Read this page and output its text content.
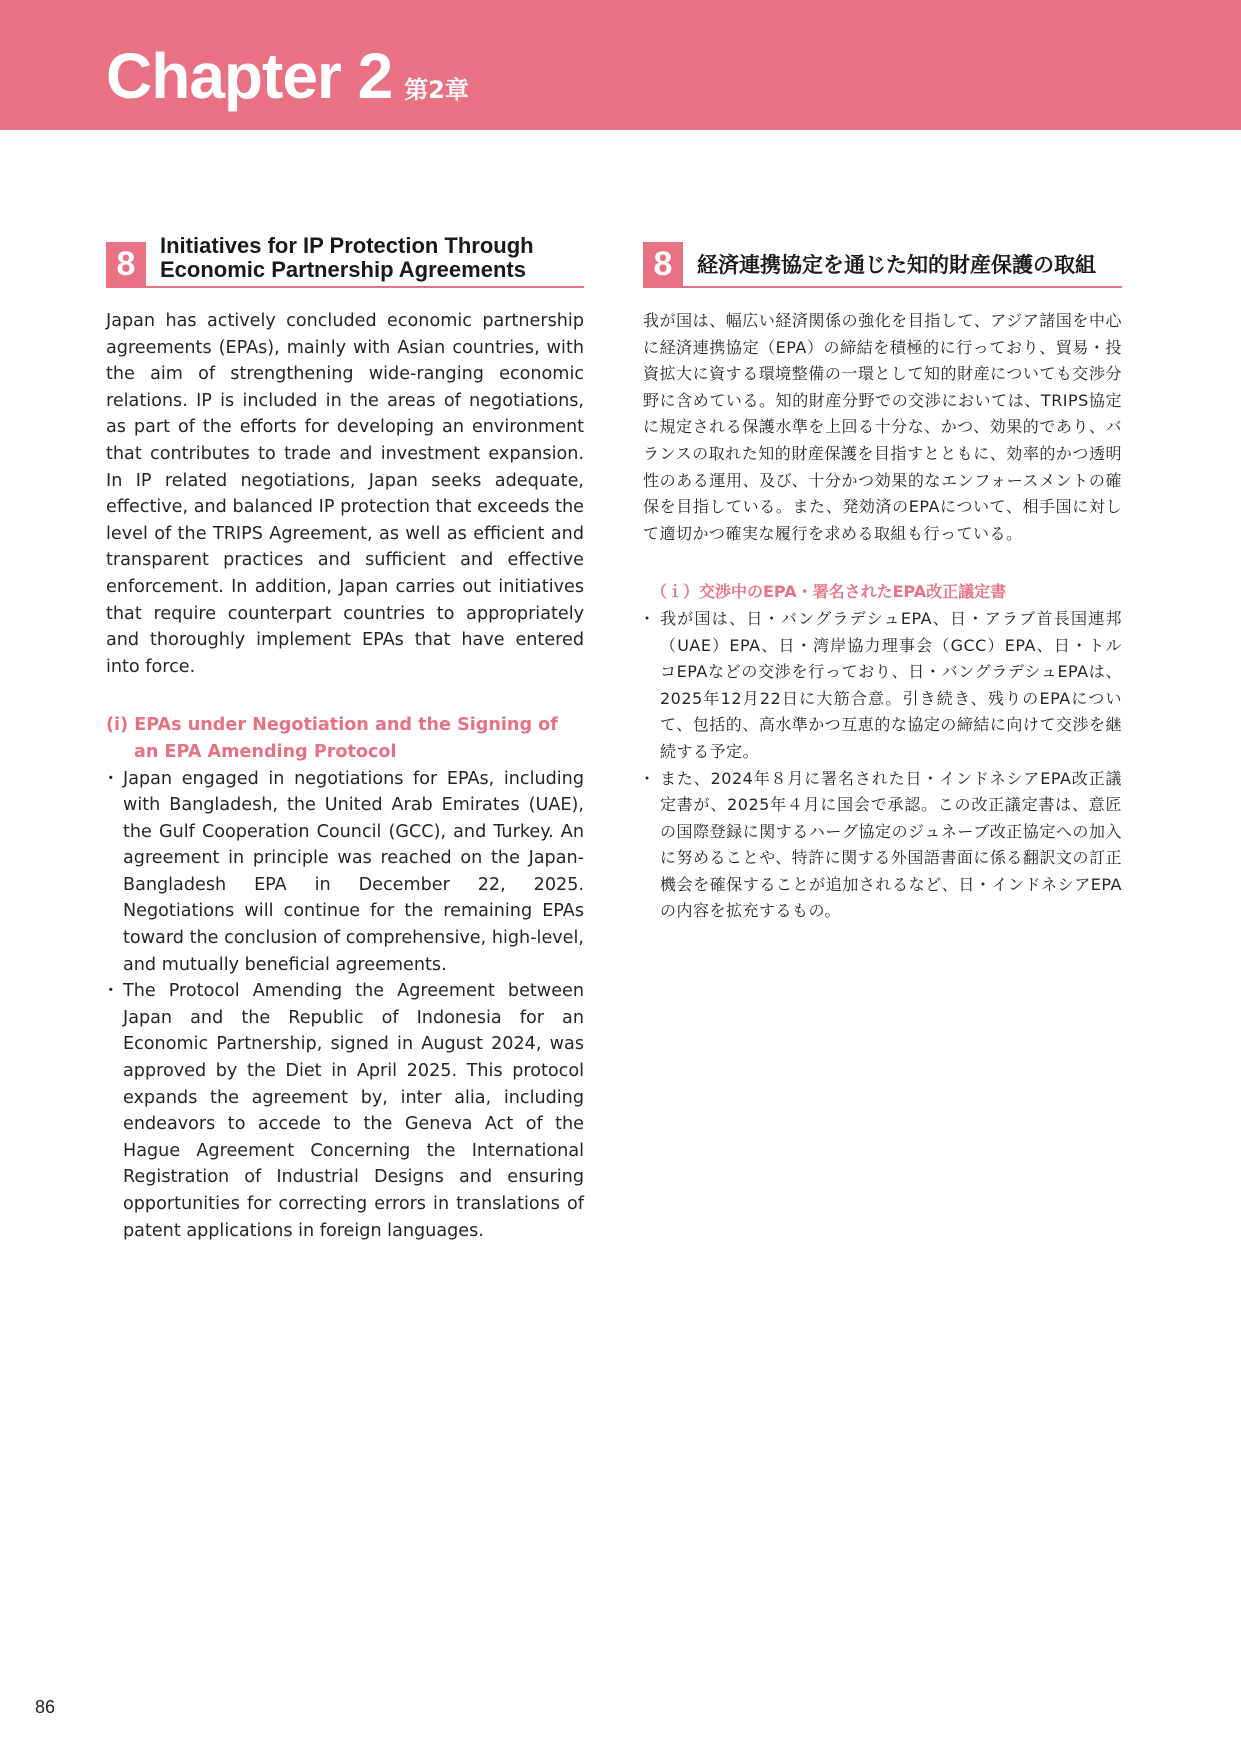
Chapter 2 第2章
8	Initiatives for IP Protection Through
Economic Partnership Agreements

Japan has actively concluded economic partnership agreements (EPAs), mainly with Asian countries, with the aim of strengthening wide-ranging economic relations. IP is included in the areas of negotiations, as part of the efforts for developing an environment that contributes to trade and investment expansion. In IP related negotiations, Japan seeks adequate, effective, and balanced IP protection that exceeds the level of the TRIPS Agreement, as well as efficient and transparent practices and sufficient and effective enforcement. In addition, Japan carries out initiatives that require counterpart countries to appropriately and thoroughly implement EPAs that have entered into force.

(i) EPAs under Negotiation and the Signing of an EPA Amending Protocol
・ Japan engaged in negotiations for EPAs, including with Bangladesh, the United Arab Emirates (UAE), the Gulf Cooperation Council (GCC), and Turkey. An agreement in principle was reached on the Japan-Bangladesh EPA in December 22, 2025. Negotiations will continue for the remaining EPAs toward the conclusion of comprehensive, high-level, and mutually beneficial agreements.
・ The Protocol Amending the Agreement between Japan and the Republic of Indonesia for an Economic Partnership, signed in August 2024, was approved by the Diet in April 2025. This protocol expands the agreement by, inter alia, including endeavors to accede to the Geneva Act of the Hague Agreement Concerning the International Registration of Industrial Designs and ensuring opportunities for correcting errors in translations of patent applications in foreign languages.
8	経済連携協定を通じた知的財産保護の取組

我が国は、幅広い経済関係の強化を目指して、アジア諸国を中心に経済連携協定（EPA）の締結を積極的に行っており、貿易・投資拡大に資する環境整備の一環として知的財産についても交渉分野に含めている。知的財産分野での交渉においては、TRIPS協定に規定される保護水準を上回る十分な、かつ、効果的であり、バランスの取れた知的財産保護を目指すとともに、効率的かつ透明性のある運用、及び、十分かつ効果的なエンフォースメントの確保を目指している。また、発効済のEPAについて、相手国に対して適切かつ確実な履行を求める取組も行っている。

（ｉ）交渉中のEPA・署名されたEPA改正議定書
・ 我が国は、日・バングラデシュEPA、日・アラブ首長国連邦（UAE）EPA、日・湾岸協力理事会（GCC）EPA、日・トルコEPAなどの交渉を行っており、日・バングラデシュEPAは、2025年12月22日に大筋合意。引き続き、残りのEPAについて、包括的、高水準かつ互恵的な協定の締結に向けて交渉を継続する予定。
・ また、2024年８月に署名された日・インドネシアEPA改正議定書が、2025年４月に国会で承認。この改正議定書は、意匠の国際登録に関するハーグ協定のジュネーブ改正協定への加入に努めることや、特許に関する外国語書面に係る翻訳文の訂正機会を確保することが追加されるなど、日・インドネシアEPAの内容を拡充するもの。
86
